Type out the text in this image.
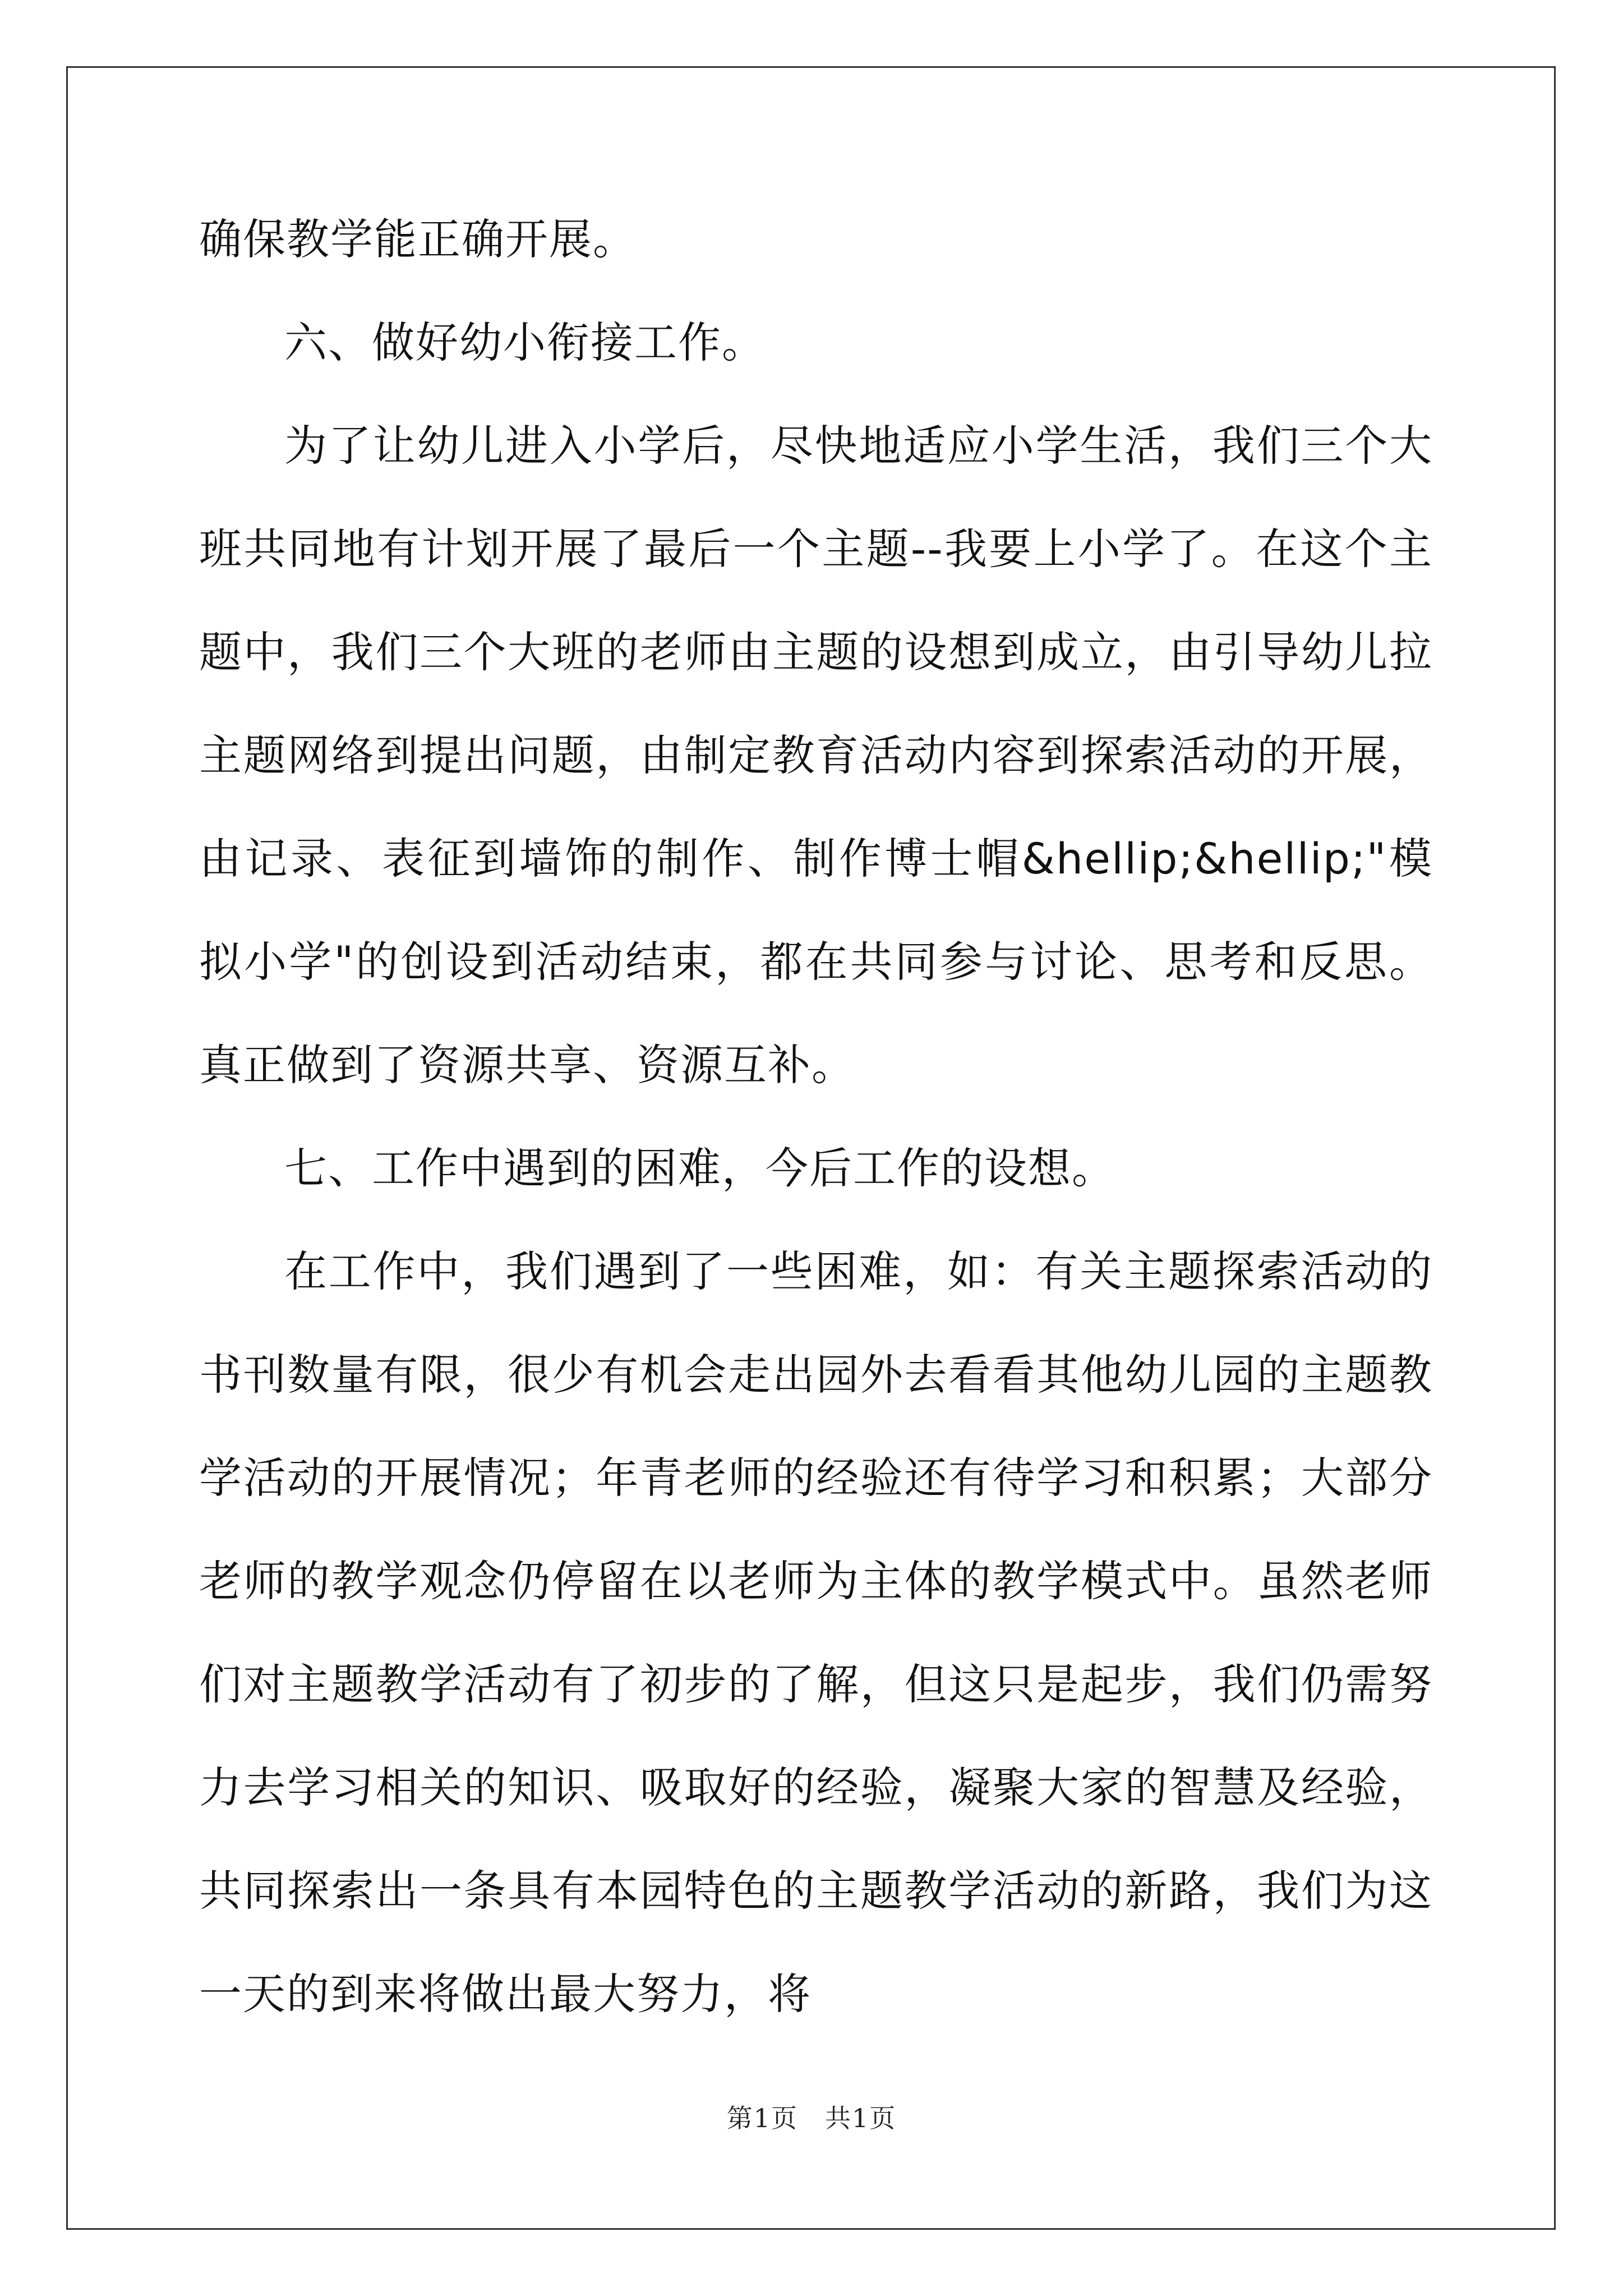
确保教学能正确开展。

六、做好幼小衔接工作。

为了让幼儿进入小学后，尽快地适应小学生活，我们三个大班共同地有计划开展了最后一个主题--我要上小学了。在这个主题中，我们三个大班的老师由主题的设想到成立，由引导幼儿拉主题网络到提出问题，由制定教育活动内容到探索活动的开展，由记录、表征到墙饰的制作、制作博士帽&hellip;&hellip;"模拟小学"的创设到活动结束，都在共同参与讨论、思考和反思。真正做到了资源共享、资源互补。

七、工作中遇到的困难，今后工作的设想。

在工作中，我们遇到了一些困难，如：有关主题探索活动的书刊数量有限，很少有机会走出园外去看看其他幼儿园的主题教学活动的开展情况；年青老师的经验还有待学习和积累；大部分老师的教学观念仍停留在以老师为主体的教学模式中。虽然老师们对主题教学活动有了初步的了解，但这只是起步，我们仍需努力去学习相关的知识、吸取好的经验，凝聚大家的智慧及经验，共同探索出一条具有本园特色的主题教学活动的新路，我们为这一天的到来将做出最大努力，将

第1页　共1页
